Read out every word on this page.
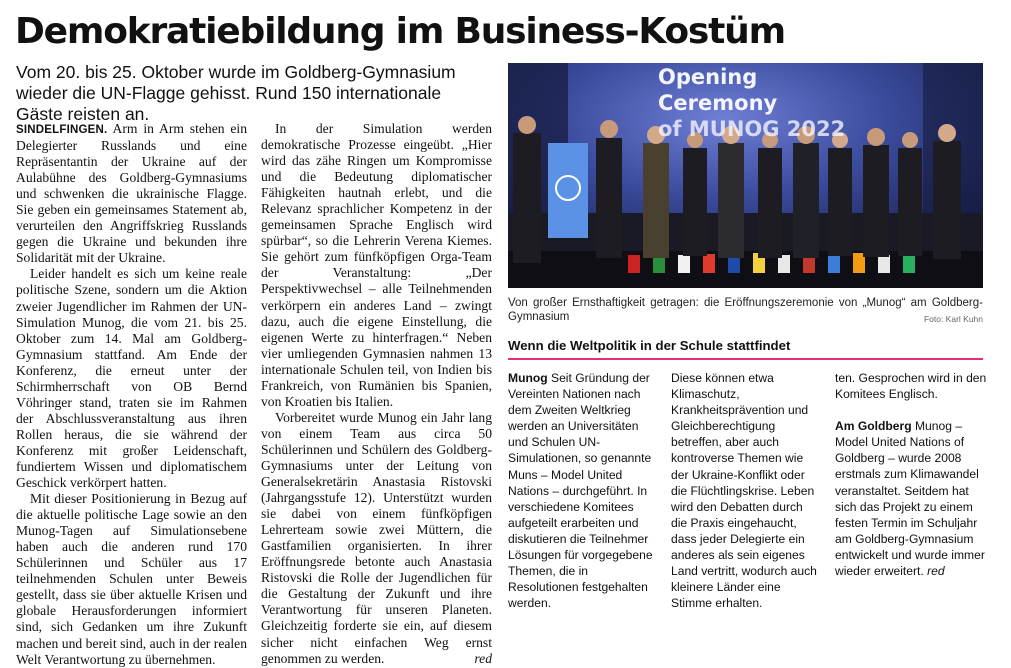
Demokratiebildung im Business-Kostüm
Vom 20. bis 25. Oktober wurde im Goldberg-Gymnasium wieder die UN-Flagge gehisst. Rund 150 internationale Gäste reisten an.

SINDELFINGEN. Arm in Arm stehen ein Delegierter Russlands und eine Repräsentantin der Ukraine auf der Aulabühne des Goldberg-Gymnasiums und schwenken die ukrainische Flagge. Sie geben ein gemeinsames Statement ab, verurteilen den Angriffskrieg Russlands gegen die Ukraine und bekunden ihre Solidarität mit der Ukraine.

Leider handelt es sich um keine reale politische Szene, sondern um die Aktion zweier Jugendlicher im Rahmen der UN-Simulation Munog, die vom 21. bis 25. Oktober zum 14. Mal am Goldberg-Gymnasium stattfand. Am Ende der Konferenz, die erneut unter der Schirmherrschaft von OB Bernd Vöhringer stand, traten sie im Rahmen der Abschlussveranstaltung aus ihren Rollen heraus, die sie während der Konferenz mit großer Leidenschaft, fundiertem Wissen und diplomatischem Geschick verkörpert hatten.

Mit dieser Positionierung in Bezug auf die aktuelle politische Lage sowie an den Munog-Tagen auf Simulationsebene haben auch die anderen rund 170 Schülerinnen und Schüler aus 17 teilnehmenden Schulen unter Beweis gestellt, dass sie über aktuelle Krisen und globale Herausforderungen informiert sind, sich Gedanken um ihre Zukunft machen und bereit sind, auch in der realen Welt Verantwortung zu übernehmen.

In der Simulation werden demokratische Prozesse eingeübt. „Hier wird das zähe Ringen um Kompromisse und die Bedeutung diplomatischer Fähigkeiten hautnah erlebt, und die Relevanz sprachlicher Kompetenz in der gemeinsamen Sprache Englisch wird spürbar“, so die Lehrerin Verena Kiemes. Sie gehört zum fünfköpfigen Orga-Team der Veranstaltung: „Der Perspektivwechsel – alle Teilnehmenden verkörpern ein anderes Land – zwingt dazu, auch die eigene Einstellung, die eigenen Werte zu hinterfragen.“ Neben vier umliegenden Gymnasien nahmen 13 internationale Schulen teil, von Indien bis Frankreich, von Rumänien bis Spanien, von Kroatien bis Italien.

Vorbereitet wurde Munog ein Jahr lang von einem Team aus circa 50 Schülerinnen und Schülern des Goldberg-Gymnasiums unter der Leitung von Generalsekretärin Anastasia Ristovski (Jahrgangsstufe 12). Unterstützt wurden sie dabei von einem fünfköpfigen Lehrerteam sowie zwei Müttern, die Gastfamilien organisierten. In ihrer Eröffnungsrede betonte auch Anastasia Ristovski die Rolle der Jugendlichen für die Gestaltung der Zukunft und ihre Verantwortung für unseren Planeten. Gleichzeitig forderte sie ein, auf diesem sicher nicht einfachen Weg ernst genommen zu werden.	red

Opening
Ceremony
of MUNOG 2022
Von großer Ernsthaftigkeit getragen: die Eröffnungszeremonie von „Munog“ am Goldberg-Gymnasium	Foto: Karl Kuhn
Wenn die Weltpolitik in der Schule stattfindet
Munog Seit Gründung der Vereinten Nationen nach dem Zweiten Weltkrieg werden an Universitäten und Schulen UN-Simulationen, so genannte Muns – Model United Nations – durchgeführt. In verschiedene Komitees aufgeteilt erarbeiten und diskutieren die Teilnehmer Lösungen für vorgegebene Themen, die in Resolutionen festgehalten werden.
Diese können etwa Klimaschutz, Krankheitsprävention und Gleichberechtigung betreffen, aber auch kontroverse Themen wie der Ukraine-Konflikt oder die Flüchtlingskrise. Leben wird den Debatten durch die Praxis eingehaucht, dass jeder Delegierte ein anderes als sein eigenes Land vertritt, wodurch auch kleinere Länder eine Stimme erhalten.

ten. Gesprochen wird in den Komitees Englisch.

Am Goldberg Munog – Model United Nations of Goldberg – wurde 2008 erstmals zum Klimawandel veranstaltet. Seitdem hat sich das Projekt zu einem festen Termin im Schuljahr am Goldberg-Gymnasium entwickelt und wurde immer wieder erweitert. red
